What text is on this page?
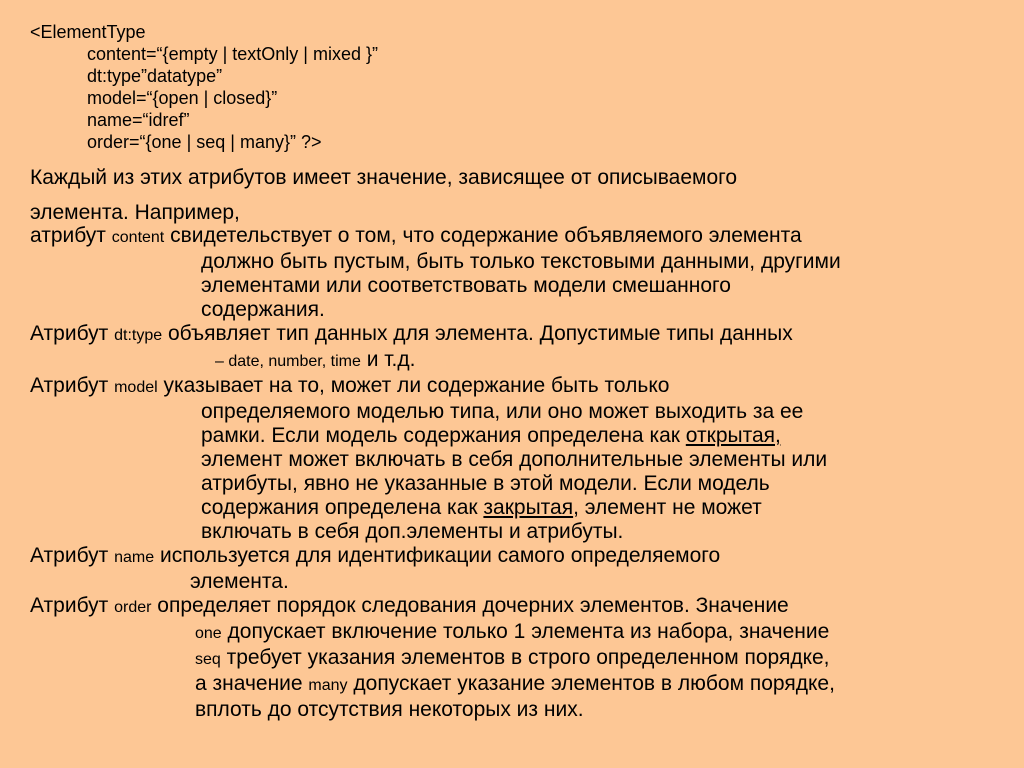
<ElementType
content=“{empty | textOnly | mixed }”
dt:type”datatype”
model=“{open | closed}”
name=“idref”
order=“{one | seq | many}” ?>
Каждый из этих атрибутов имеет значение, зависящее от описываемого
элемента. Например,

атрибут content свидетельствует о том, что содержание объявляемого элемента
должно быть пустым, быть только текстовыми данными, другими
элементами или соответствовать модели смешанного
содержания.

Атрибут dt:type объявляет тип данных для элемента. Допустимые типы данных
– date, number, time и т.д.

Атрибут model указывает на то, может ли содержание быть только
определяемого моделью типа, или оно может выходить за ее
рамки. Если модель содержания определена как открытая,
элемент может включать в себя дополнительные элементы или
атрибуты, явно не указанные в этой модели. Если модель
содержания определена как закрытая, элемент не может
включать в себя доп.элементы и атрибуты.

Атрибут name используется для идентификации самого определяемого
элемента.

Атрибут order определяет порядок следования дочерних элементов. Значение
one допускает включение только 1 элемента из набора, значение
seq требует указания элементов в строго определенном порядке,
а значение many допускает указание элементов в любом порядке,
вплоть до отсутствия некоторых из них.
